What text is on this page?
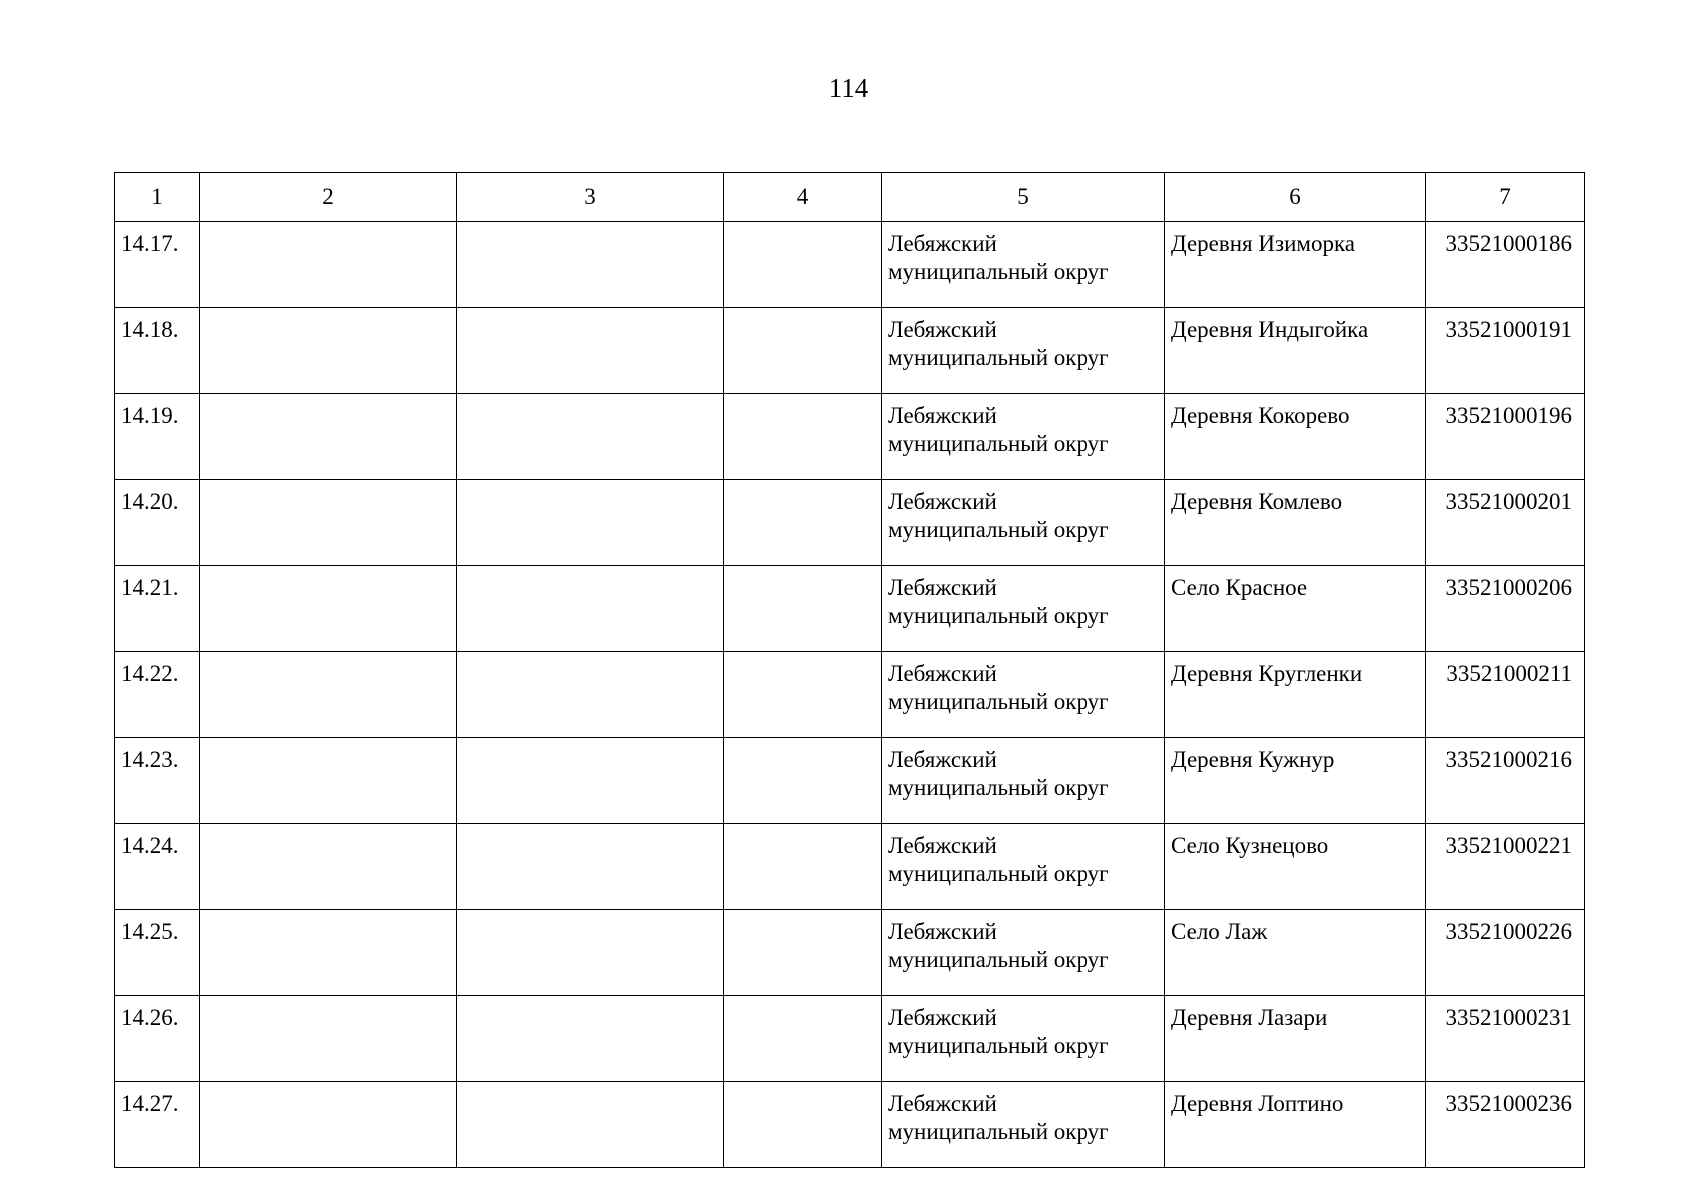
114
1	2	3	4	5	6	7
14.17.				Лебяжский муниципальный округ	Деревня Изиморка	33521000186
14.18.				Лебяжский муниципальный округ	Деревня Индыгойка	33521000191
14.19.				Лебяжский муниципальный округ	Деревня Кокорево	33521000196
14.20.				Лебяжский муниципальный округ	Деревня Комлево	33521000201
14.21.				Лебяжский муниципальный округ	Село Красное	33521000206
14.22.				Лебяжский муниципальный округ	Деревня Кругленки	33521000211
14.23.				Лебяжский муниципальный округ	Деревня Кужнур	33521000216
14.24.				Лебяжский муниципальный округ	Село Кузнецово	33521000221
14.25.				Лебяжский муниципальный округ	Село Лаж	33521000226
14.26.				Лебяжский муниципальный округ	Деревня Лазари	33521000231
14.27.				Лебяжский муниципальный округ	Деревня Лоптино	33521000236
